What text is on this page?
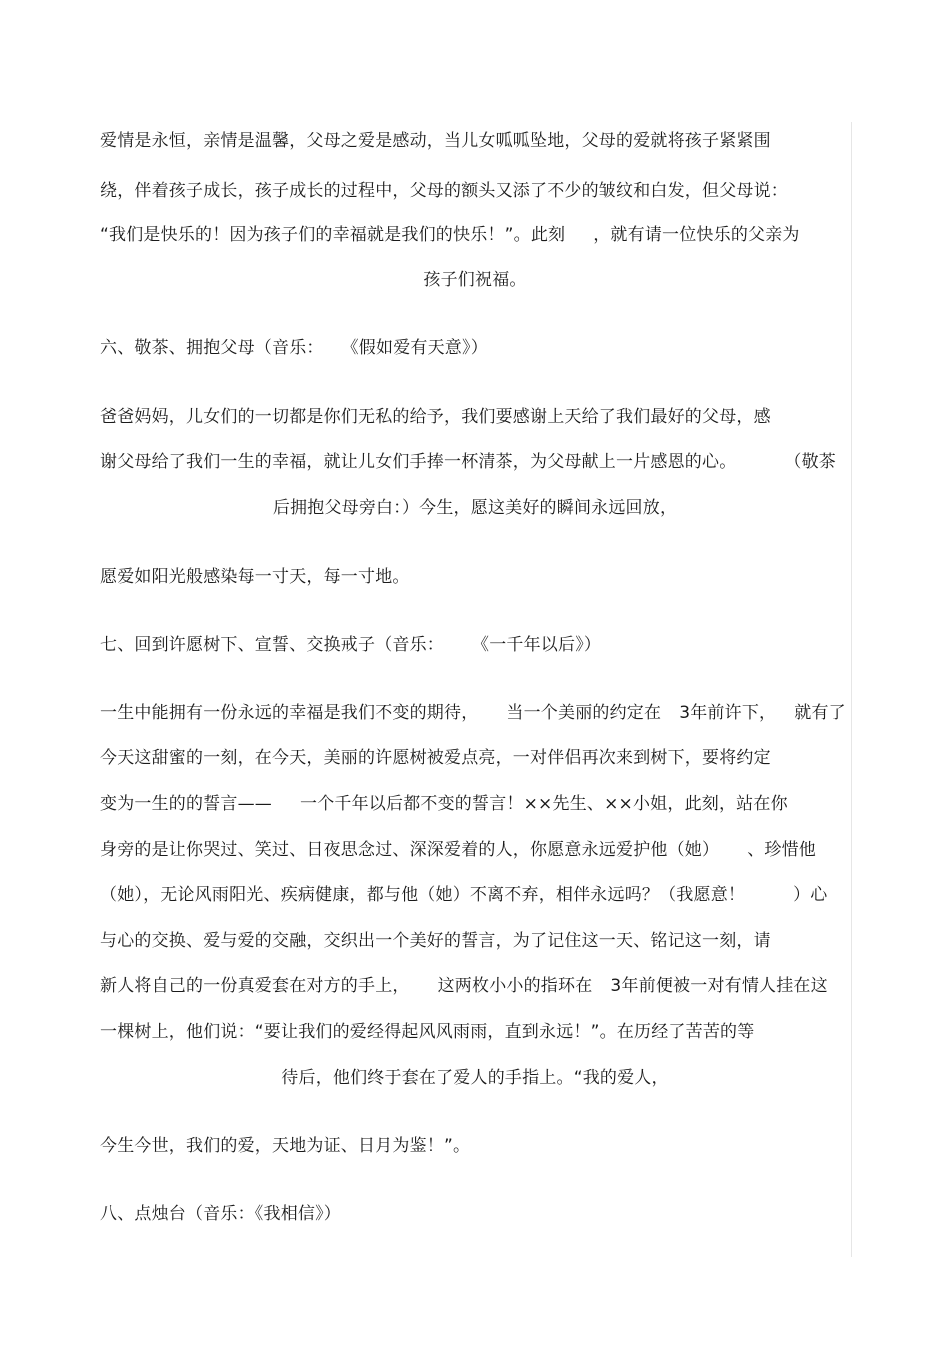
爱情是永恒，亲情是温馨，父母之爱是感动，当儿女呱呱坠地，父母的爱就将孩子紧紧围
绕，伴着孩子成长，孩子成长的过程中，父母的额头又添了不少的皱纹和白发，但父母说：
“我们是快乐的！因为孩子们的幸福就是我们的快乐！”。此刻 ，就有请一位快乐的父亲为
孩子们祝福。
六、敬茶、拥抱父母（音乐： 《假如爱有天意》）
爸爸妈妈，儿女们的一切都是你们无私的给予，我们要感谢上天给了我们最好的父母，感
谢父母给了我们一生的幸福，就让儿女们手捧一杯清茶，为父母献上一片感恩的心。	（敬茶
后拥抱父母旁白：）今生，愿这美好的瞬间永远回放，
愿爱如阳光般感染每一寸天，每一寸地。
七、回到许愿树下、宣誓、交换戒子（音乐： 《一千年以后》）
一生中能拥有一份永远的幸福是我们不变的期待， 当一个美丽的约定在 3年前许下， 就有了
今天这甜蜜的一刻，在今天，美丽的许愿树被爱点亮，一对伴侣再次来到树下，要将约定
变为一生的的誓言—— 一个千年以后都不变的誓言！××先生、××小姐，此刻，站在你
身旁的是让你哭过、笑过、日夜思念过、深深爱着的人，你愿意永远爱护他（她） 、珍惜他
（她），无论风雨阳光、疾病健康，都与他（她）不离不弃，相伴永远吗？（我愿意！	）心
与心的交换、爱与爱的交融，交织出一个美好的誓言，为了记住这一天、铭记这一刻，请
新人将自己的一份真爱套在对方的手上， 这两枚小小的指环在 3年前便被一对有情人挂在这
一棵树上，他们说：“要让我们的爱经得起风风雨雨，直到永远！”。在历经了苦苦的等
待后，他们终于套在了爱人的手指上。“我的爱人，
今生今世，我们的爱，天地为证、日月为鉴！”。
八、点烛台（音乐：《我相信》）
